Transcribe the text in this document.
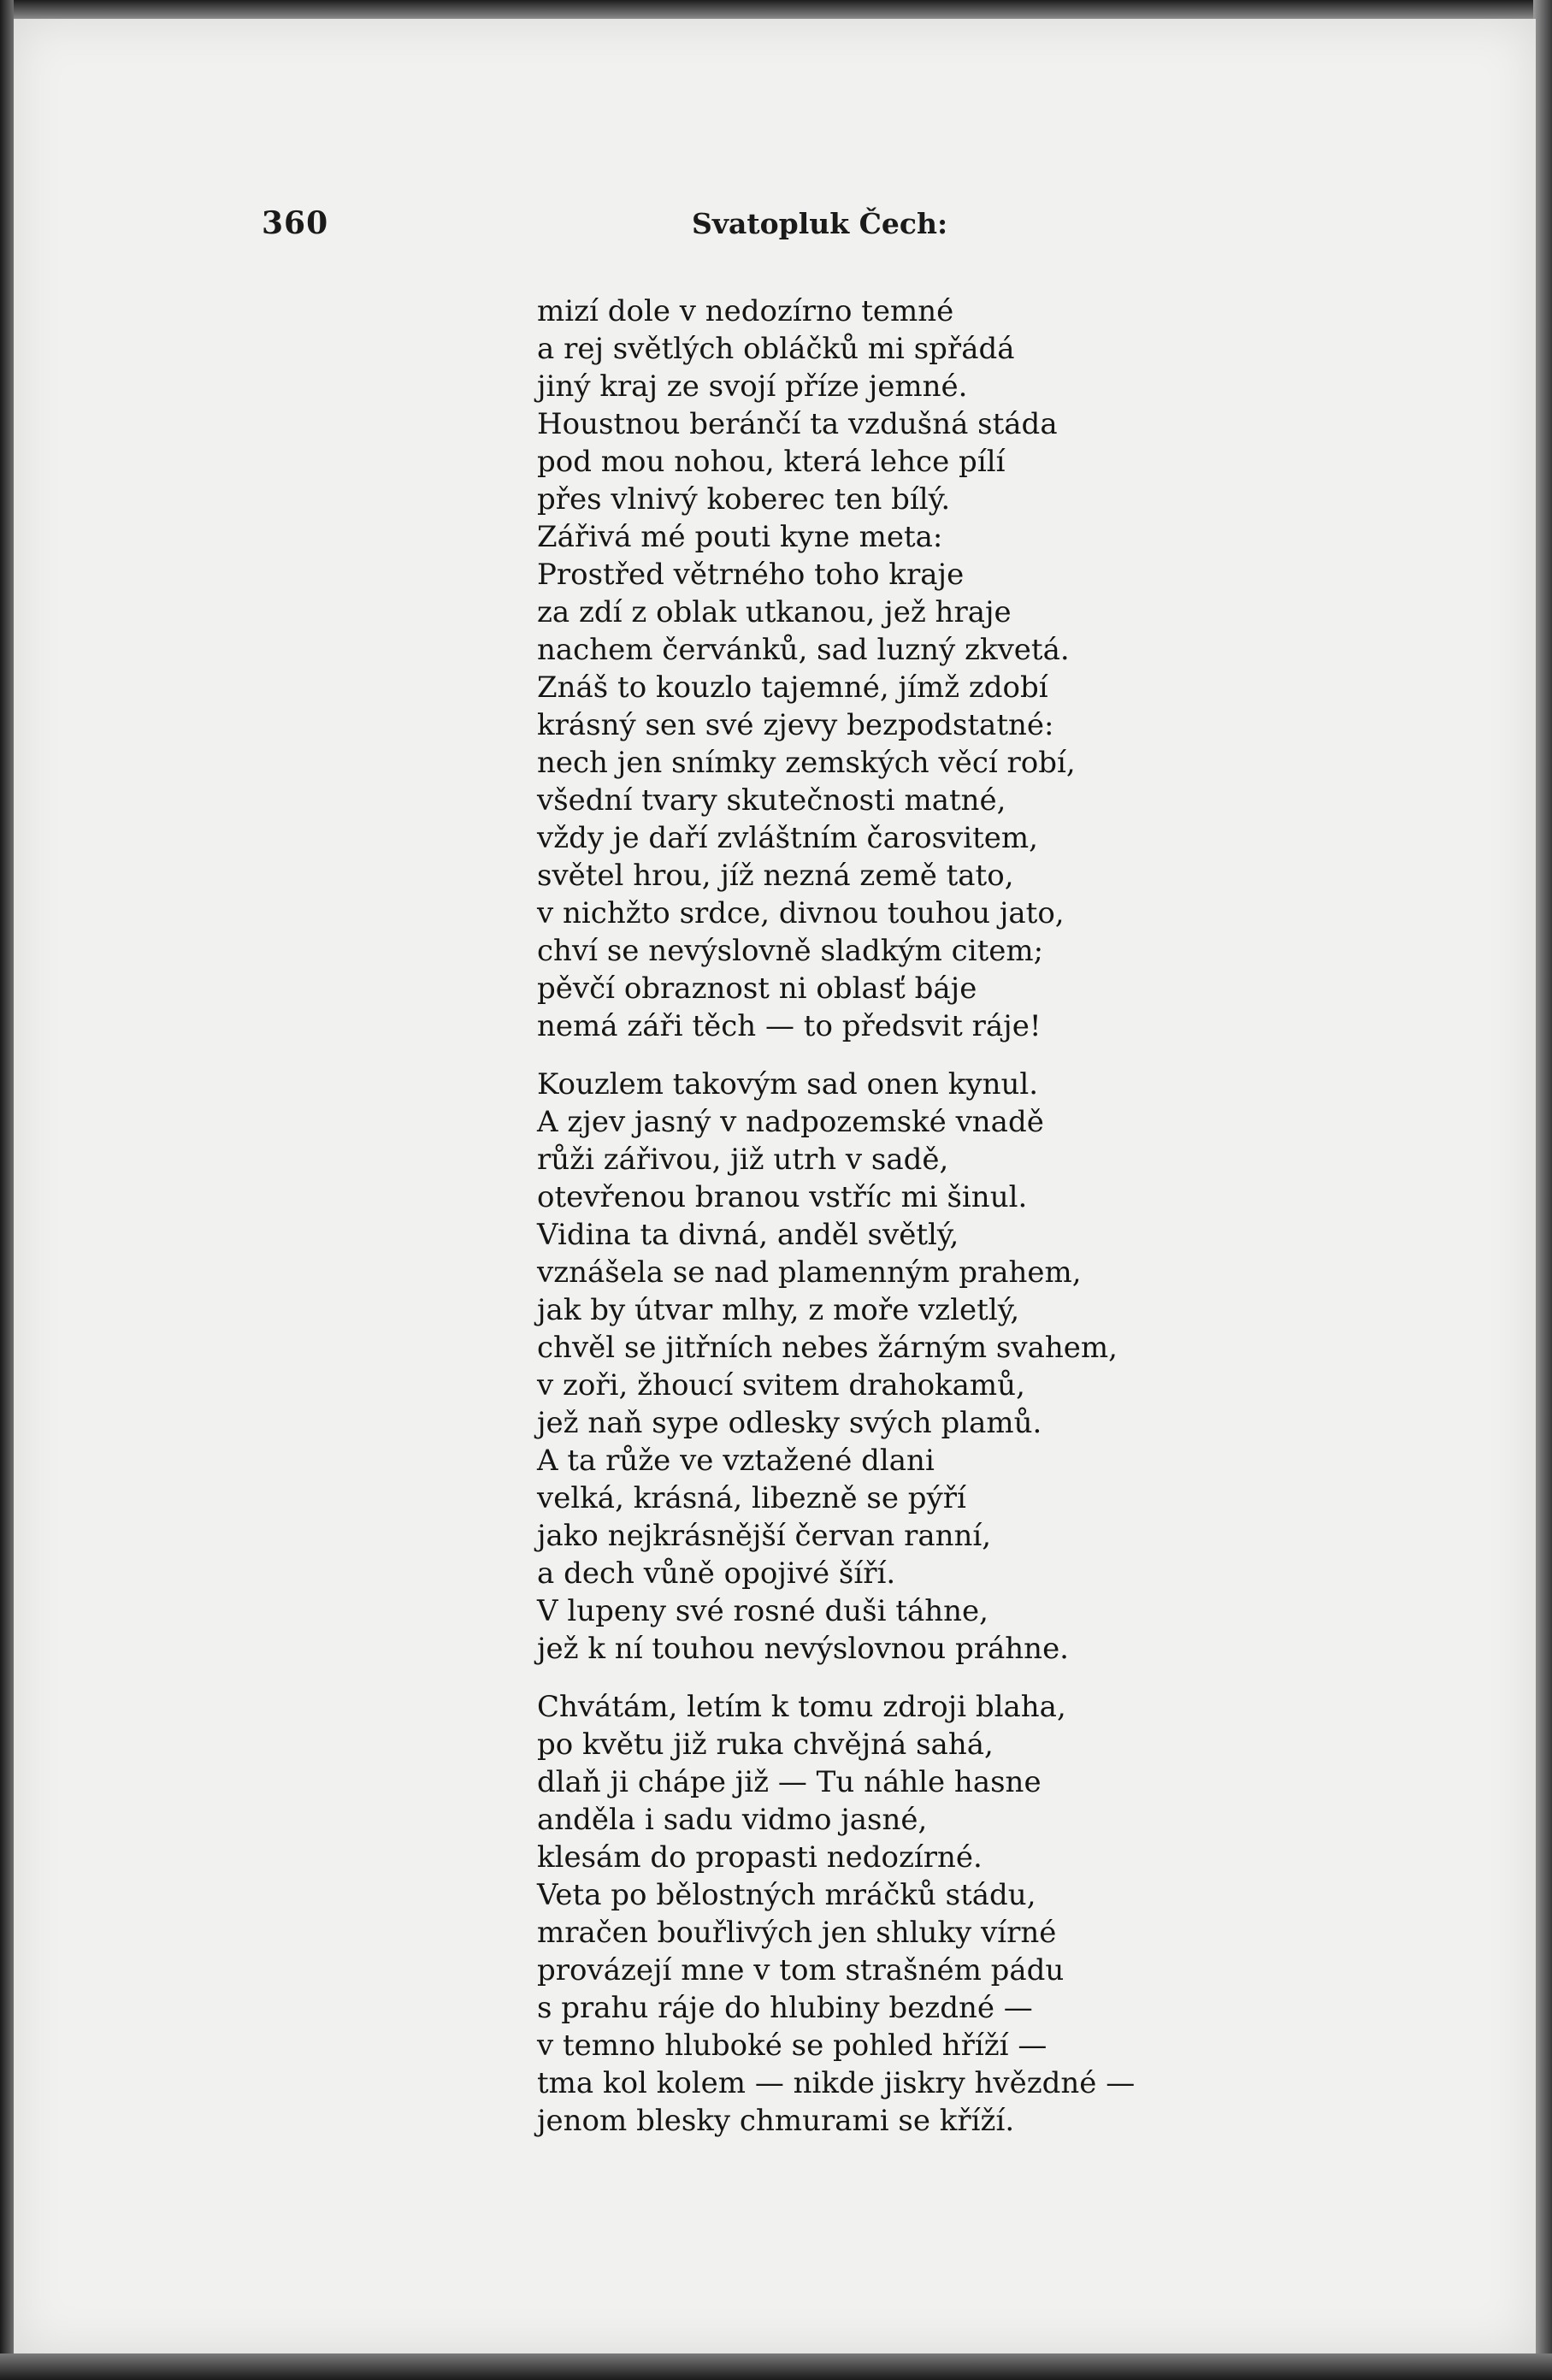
360	Svatopluk Čech:
mizí dole v nedozírno temné
a rej světlých obláčků mi spřádá
jiný kraj ze svojí příze jemné.
Houstnou beránčí ta vzdušná stáda
pod mou nohou, která lehce pílí
přes vlnivý koberec ten bílý.
Zářivá mé pouti kyne meta:
Prostřed větrného toho kraje
za zdí z oblak utkanou, jež hraje
nachem červánků, sad luzný zkvetá.
Znáš to kouzlo tajemné, jímž zdobí
krásný sen své zjevy bezpodstatné:
nech jen snímky zemských věcí robí,
všední tvary skutečnosti matné,
vždy je daří zvláštním čarosvitem,
světel hrou, jíž nezná země tato,
v nichžto srdce, divnou touhou jato,
chví se nevýslovně sladkým citem;
pěvčí obraznost ni oblasť báje
nemá záři těch — to předsvit ráje!
Kouzlem takovým sad onen kynul.
A zjev jasný v nadpozemské vnadě
růži zářivou, již utrh v sadě,
otevřenou branou vstříc mi šinul.
Vidina ta divná, anděl světlý,
vznášela se nad plamenným prahem,
jak by útvar mlhy, z moře vzletlý,
chvěl se jitřních nebes žárným svahem,
v zoři, žhoucí svitem drahokamů,
jež naň sype odlesky svých plamů.
A ta růže ve vztažené dlani
velká, krásná, libezně se pýří
jako nejkrásnější červan ranní,
a dech vůně opojivé šíří.
V lupeny své rosné duši táhne,
jež k ní touhou nevýslovnou práhne.
Chvátám, letím k tomu zdroji blaha,
po květu již ruka chvějná sahá,
dlaň ji chápe již — Tu náhle hasne
anděla i sadu vidmo jasné,
klesám do propasti nedozírné.
Veta po bělostných mráčků stádu,
mračen bouřlivých jen shluky vírné
provázejí mne v tom strašném pádu
s prahu ráje do hlubiny bezdné —
v temno hluboké se pohled hříží —
tma kol kolem — nikde jiskry hvězdné —
jenom blesky chmurami se kříží.
